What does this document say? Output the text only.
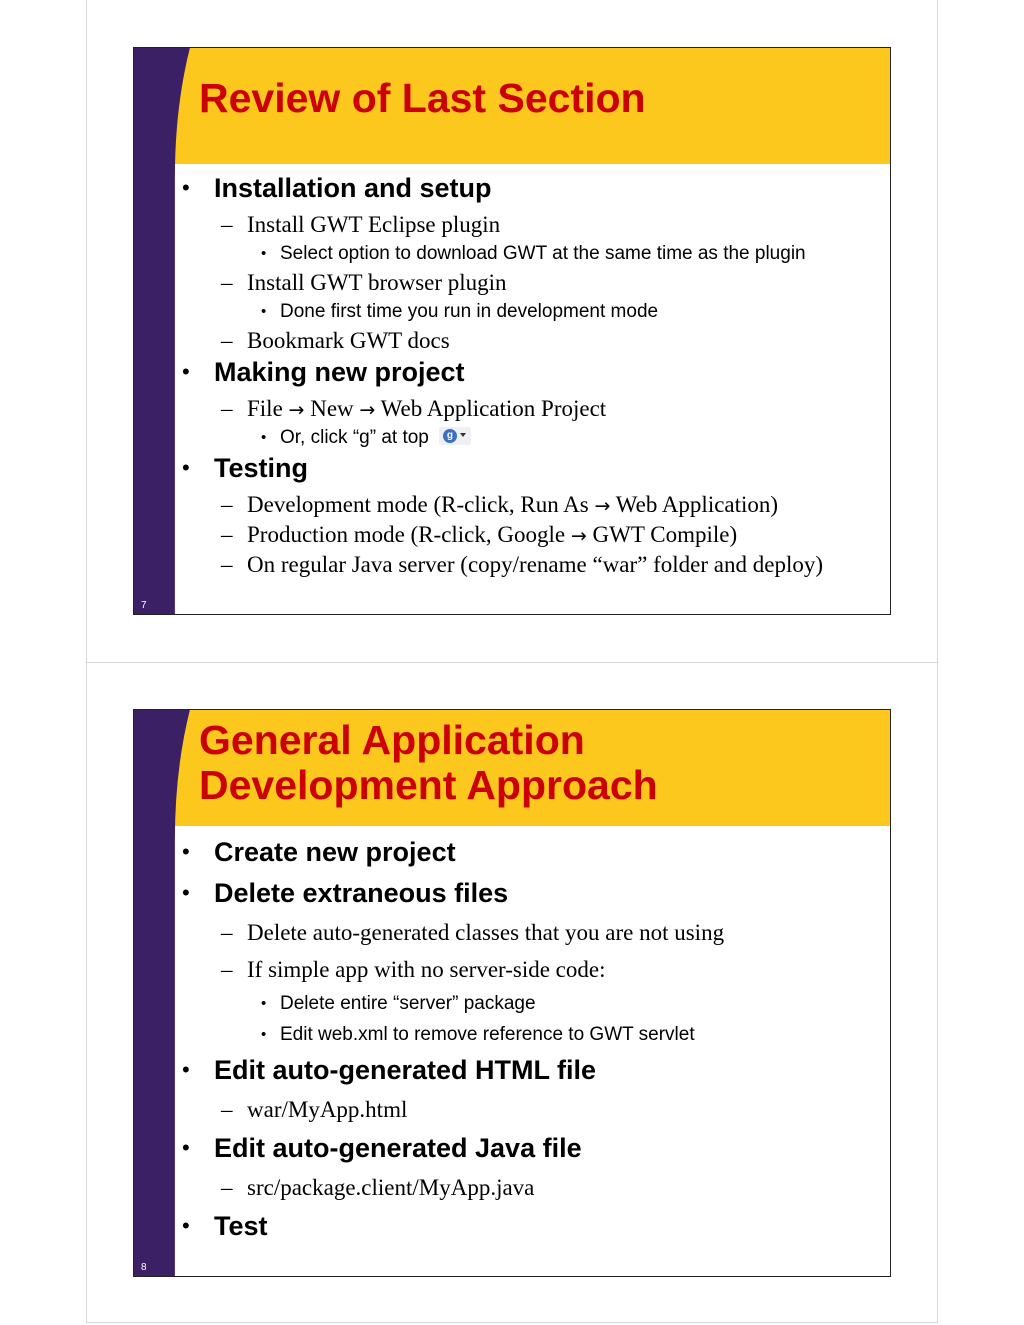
Review of Last Section
• Installation and setup
– Install GWT Eclipse plugin
• Select option to download GWT at the same time as the plugin
– Install GWT browser plugin
• Done first time you run in development mode
– Bookmark GWT docs
• Making new project
– File → New → Web Application Project
• Or, click “g” at top	g
• Testing
– Development mode (R-click, Run As → Web Application)
– Production mode (R-click, Google → GWT Compile)
– On regular Java server (copy/rename “war” folder and deploy)
7
General Application
Development Approach
• Create new project
• Delete extraneous files
– Delete auto-generated classes that you are not using
– If simple app with no server-side code:
• Delete entire “server” package
• Edit web.xml to remove reference to GWT servlet
• Edit auto-generated HTML file
– war/MyApp.html
• Edit auto-generated Java file
– src/package.client/MyApp.java
• Test
8
